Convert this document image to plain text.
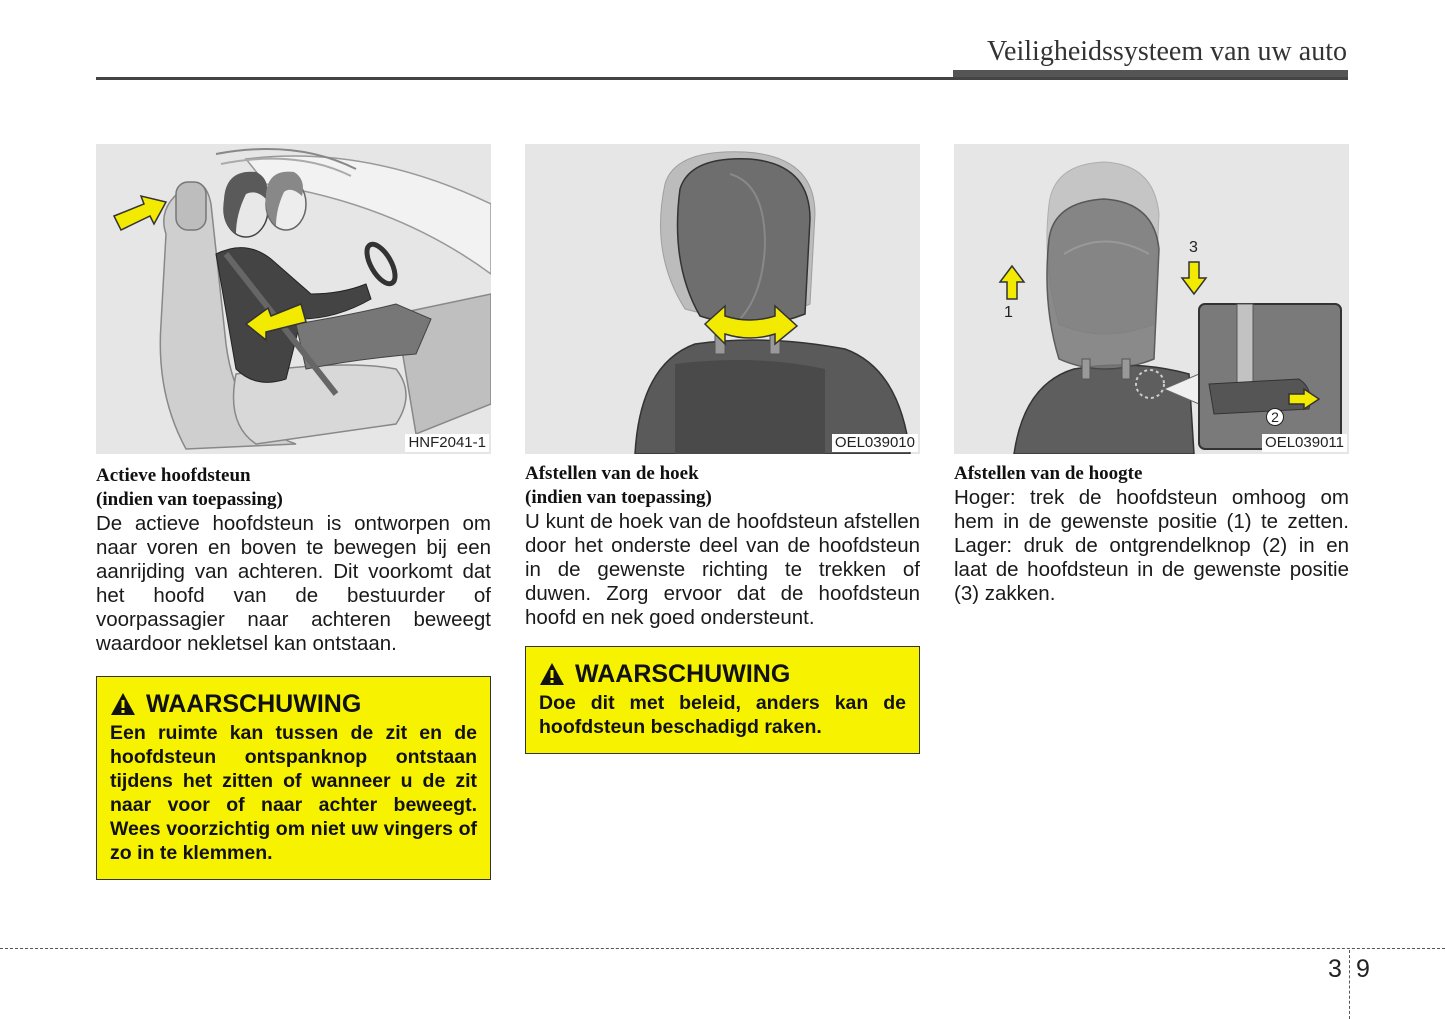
Veiligheidssysteem van uw auto
HNF2041-1
Actieve hoofdsteun
(indien van toepassing)
De actieve hoofdsteun is ontworpen om naar voren en boven te bewegen bij een aanrijding van achteren. Dit voorkomt dat het hoofd van de bestuurder of voorpassagier naar achteren beweegt waardoor nekletsel kan ontstaan.
WAARSCHUWING
Een ruimte kan tussen de zit en de hoofdsteun ontspanknop ontstaan tijdens het zitten of wanneer u de zit naar voor of naar achter beweegt. Wees voorzichtig om niet uw vingers of zo in te klemmen.
OEL039010
Afstellen van de hoek
(indien van toepassing)
U kunt de hoek van de hoofdsteun afstellen door het onderste deel van de hoofdsteun in de gewenste richting te trekken of duwen. Zorg ervoor dat de hoofdsteun hoofd en nek goed ondersteunt.
WAARSCHUWING
Doe dit met beleid, anders kan de hoofdsteun beschadigd raken.
1
3
2
OEL039011
Afstellen van de hoogte
Hoger: trek de hoofdsteun omhoog om hem in de gewenste positie (1) te zetten. Lager: druk de ontgrendelknop (2) in en laat de hoofdsteun in de gewenste positie (3) zakken.
3 9
